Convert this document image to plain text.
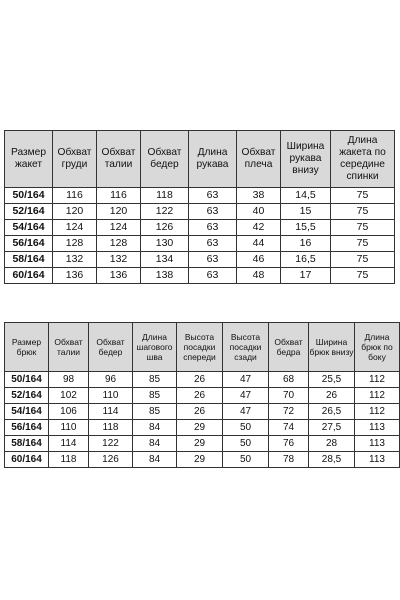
Размер жакет	Обхват груди	Обхват талии	Обхват бедер	Длина рукава	Обхват плеча	Ширина рукава внизу	Длина жакета по середине спинки
50/164	116	116	118	63	38	14,5	75
52/164	120	120	122	63	40	15	75
54/164	124	124	126	63	42	15,5	75
56/164	128	128	130	63	44	16	75
58/164	132	132	134	63	46	16,5	75
60/164	136	136	138	63	48	17	75
Размер брюк	Обхват талии	Обхват бедер	Длина шагового шва	Высота посадки спереди	Высота посадки сзади	Обхват бедра	Ширина брюк внизу	Длина брюк по боку
50/164	98	96	85	26	47	68	25,5	112
52/164	102	110	85	26	47	70	26	112
54/164	106	114	85	26	47	72	26,5	112
56/164	110	118	84	29	50	74	27,5	113
58/164	114	122	84	29	50	76	28	113
60/164	118	126	84	29	50	78	28,5	113
